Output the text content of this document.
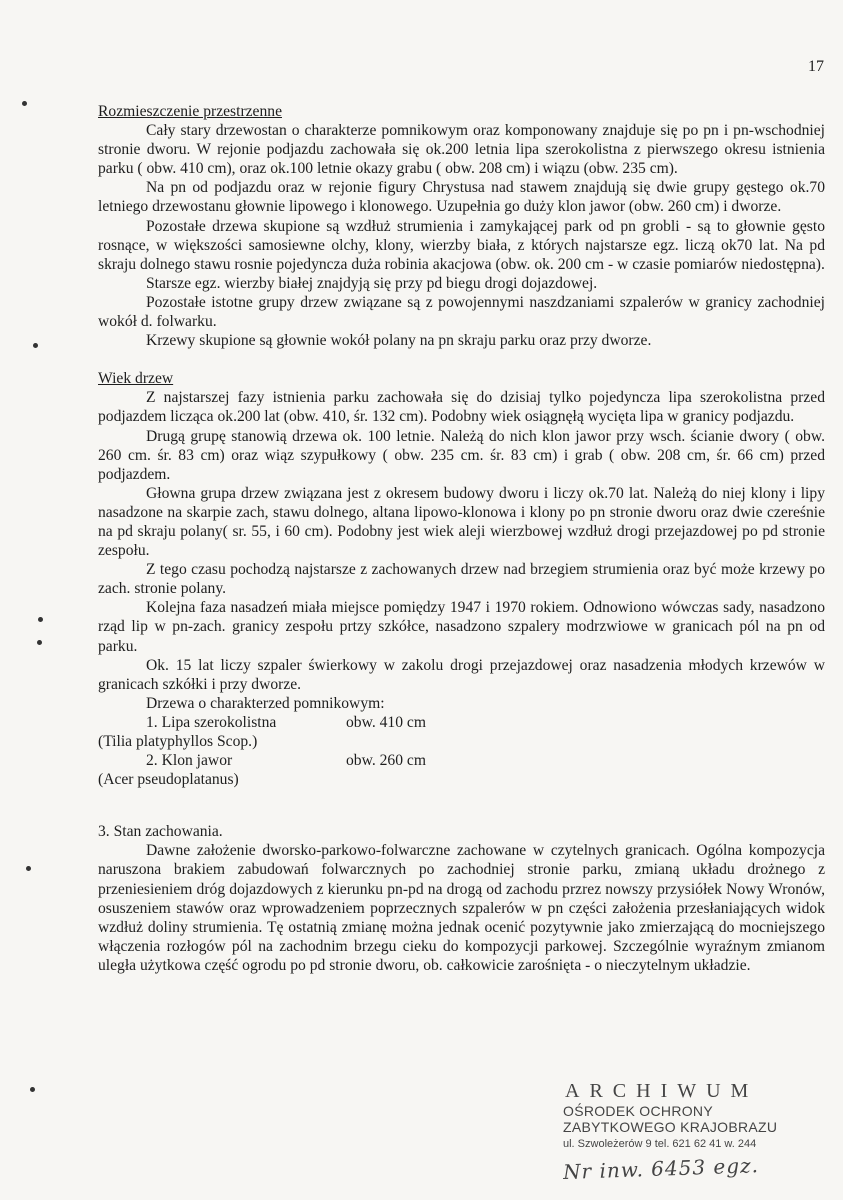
17

Rozmieszczenie przestrzenne

Cały stary drzewostan o charakterze pomnikowym oraz komponowany znajduje się po pn i pn-wschodniej stronie dworu. W rejonie podjazdu zachowała się ok.200 letnia lipa szerokolistna z pierwszego okresu istnienia parku ( obw. 410 cm), oraz ok.100 letnie okazy grabu ( obw. 208 cm) i wiązu (obw. 235 cm).

Na pn od podjazdu oraz w rejonie figury Chrystusa nad stawem znajdują się dwie grupy gęstego ok.70 letniego drzewostanu głownie lipowego i klonowego. Uzupełnia go duży klon jawor (obw. 260 cm) i dworze.

Pozostałe drzewa skupione są wzdłuż strumienia i zamykającej park od pn grobli - są to głownie gęsto rosnące, w większości samosiewne olchy, klony, wierzby biała, z których najstarsze egz. liczą ok70 lat. Na pd skraju dolnego stawu rosnie pojedyncza duża robinia akacjowa (obw. ok. 200 cm - w czasie pomiarów niedostępna).

Starsze egz. wierzby białej znajdyją się przy pd biegu drogi dojazdowej.

Pozostałe istotne grupy drzew związane są z powojennymi naszdzaniami szpalerów w granicy zachodniej wokół d. folwarku.

Krzewy skupione są głownie wokół polany na pn skraju parku oraz przy dworze.

Wiek drzew

Z najstarszej fazy istnienia parku zachowała się do dzisiaj tylko pojedyncza lipa szerokolistna przed podjazdem licząca ok.200 lat (obw. 410, śr. 132 cm). Podobny wiek osiągnęłą wycięta lipa w granicy podjazdu.

Drugą grupę stanowią drzewa ok. 100 letnie. Należą do nich klon jawor przy wsch. ścianie dwory ( obw. 260 cm. śr. 83 cm) oraz wiąz szypułkowy ( obw. 235 cm. śr. 83 cm) i grab ( obw. 208 cm, śr. 66 cm) przed podjazdem.

Głowna grupa drzew związana jest z okresem budowy dworu i liczy ok.70 lat. Należą do niej klony i lipy nasadzone na skarpie zach, stawu dolnego, altana lipowo-klonowa i klony po pn stronie dworu oraz dwie czereśnie na pd skraju polany( sr. 55, i 60 cm). Podobny jest wiek aleji wierzbowej wzdłuż drogi przejazdowej po pd stronie zespołu.

Z tego czasu pochodzą najstarsze z zachowanych drzew nad brzegiem strumienia oraz być może krzewy po zach. stronie polany.

Kolejna faza nasadzeń miała miejsce pomiędzy 1947 i 1970 rokiem. Odnowiono wówczas sady, nasadzono rząd lip w pn-zach. granicy zespołu prtzy szkółce, nasadzono szpalery modrzwiowe w granicach pól na pn od parku.

Ok. 15 lat liczy szpaler świerkowy w zakolu drogi przejazdowej oraz nasadzenia młodych krzewów w granicach szkółki i przy dworze.

Drzewa o charakterzed pomnikowym:

1. Lipa szerokolistna	obw. 410 cm

(Tilia platyphyllos Scop.)

2. Klon jawor	obw. 260 cm

(Acer pseudoplatanus)

3. Stan zachowania.

Dawne założenie dworsko-parkowo-folwarczne zachowane w czytelnych granicach. Ogólna kompozycja naruszona brakiem zabudowań folwarcznych po zachodniej stronie parku, zmianą układu drożnego z przeniesieniem dróg dojazdowych z kierunku pn-pd na drogą od zachodu przrez nowszy przysiółek Nowy Wronów, osuszeniem stawów oraz wprowadzeniem poprzecznych szpalerów w pn części założenia przesłaniających widok wzdłuż doliny strumienia. Tę ostatnią zmianę można jednak ocenić pozytywnie jako zmierzającą do mocniejszego włączenia rozłogów pól na zachodnim brzegu cieku do kompozycji parkowej. Szczególnie wyraźnym zmianom uległa użytkowa część ogrodu po pd stronie dworu, ob. całkowicie zarośnięta - o nieczytelnym układzie.

ARCHIWUM
OŚRODEK OCHRONY
ZABYTKOWEGO KRAJOBRAZU
ul. Szwoleżerów 9 tel. 621 62 41 w. 244
Nr inw. 6453 egz.
